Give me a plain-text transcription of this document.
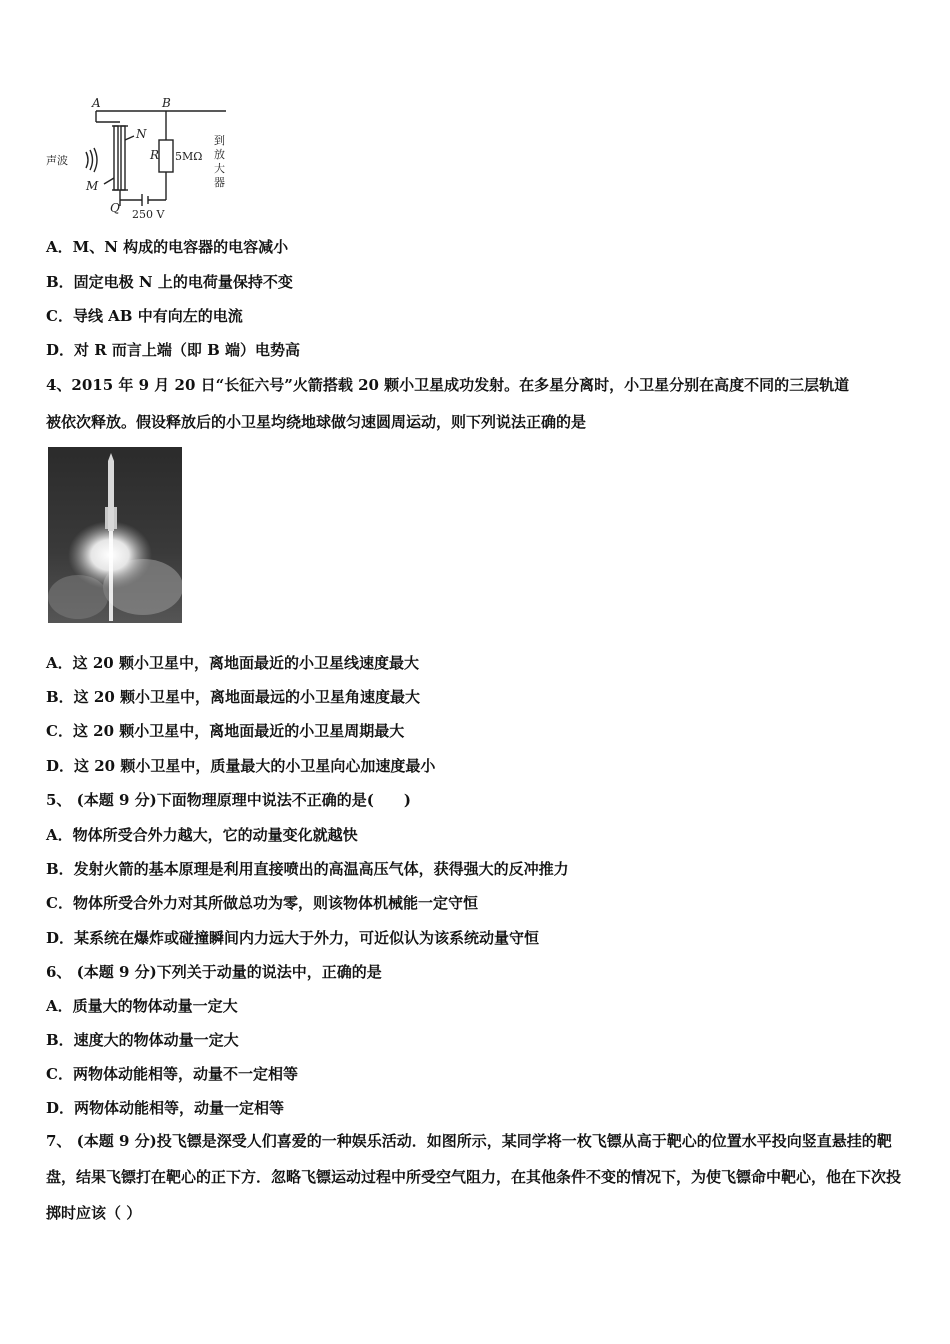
A	B
N
R
M
Q
5MΩ
声波
250 V
到
放
大
器
A．M、N 构成的电容器的电容减小
B．固定电极 N 上的电荷量保持不变
C．导线 AB 中有向左的电流
D．对 R 而言上端（即 B 端）电势高
4、2015 年 9 月 20 日“长征六号”火箭搭载 20 颗小卫星成功发射。在多星分离时，小卫星分别在高度不同的三层轨道
被依次释放。假设释放后的小卫星均绕地球做匀速圆周运动，则下列说法正确的是
A．这 20 颗小卫星中，离地面最近的小卫星线速度最大
B．这 20 颗小卫星中，离地面最远的小卫星角速度最大
C．这 20 颗小卫星中，离地面最近的小卫星周期最大
D．这 20 颗小卫星中，质量最大的小卫星向心加速度最小
5、 (本题 9 分)下面物理原理中说法不正确的是(　　)
A．物体所受合外力越大，它的动量变化就越快
B．发射火箭的基本原理是利用直接喷出的高温高压气体，获得强大的反冲推力
C．物体所受合外力对其所做总功为零，则该物体机械能一定守恒
D．某系统在爆炸或碰撞瞬间内力远大于外力，可近似认为该系统动量守恒
6、 (本题 9 分)下列关于动量的说法中，正确的是
A．质量大的物体动量一定大
B．速度大的物体动量一定大
C．两物体动能相等，动量不一定相等
D．两物体动能相等，动量一定相等
7、 (本题 9 分)投飞镖是深受人们喜爱的一种娱乐活动．如图所示，某同学将一枚飞镖从高于靶心的位置水平投向竖直悬挂的靶盘，结果飞镖打在靶心的正下方．忽略飞镖运动过程中所受空气阻力，在其他条件不变的情况下，为使飞镖命中靶心，他在下次投掷时应该（ ）
